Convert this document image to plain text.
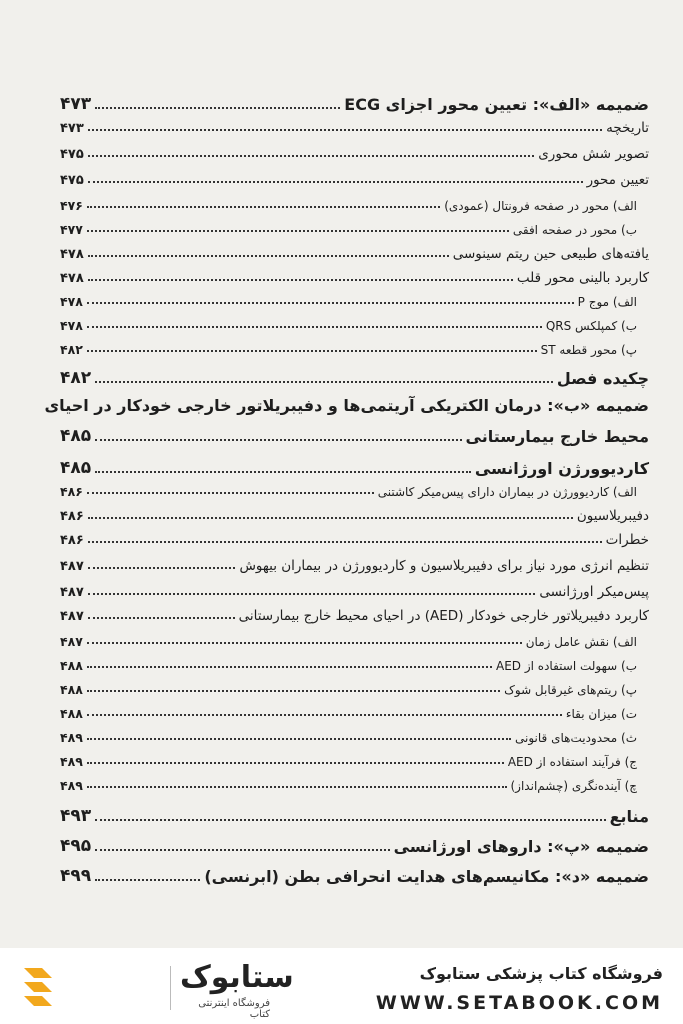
ضمیمه «الف»: تعیین محور اجزای ECG
۴۷۳
تاریخچه
۴۷۳
تصویر شش محوری
۴۷۵
تعیین محور
۴۷۵
الف) محور در صفحه فرونتال (عمودی)
۴۷۶
ب) محور در صفحه افقی
۴۷۷
یافته‌های طبیعی حین ریتم سینوسی
۴۷۸
کاربرد بالینی محور قلب
۴۷۸
الف) موج P
۴۷۸
ب) کمپلکس QRS
۴۷۸
پ) محور قطعه ST
۴۸۲
چکیده فصل
۴۸۲
ضمیمه «ب»: درمان الکتریکی آریتمی‌ها و دفیبریلاتور خارجی خودکار در احیای
محیط خارج بیمارستانی
۴۸۵
کاردیوورژن اورژانسی
۴۸۵
الف) کاردیوورژن در بیماران دارای پیس‌میکر کاشتنی
۴۸۶
دفیبریلاسیون
۴۸۶
خطرات
۴۸۶
تنظیم انرژی مورد نیاز برای دفیبریلاسیون و کاردیوورژن در بیماران بیهوش
۴۸۷
پیس‌میکر اورژانسی
۴۸۷
کاربرد دفیبریلاتور خارجی خودکار (AED) در احیای محیط خارج بیمارستانی
۴۸۷
الف) نقش عامل زمان
۴۸۷
ب) سهولت استفاده از AED
۴۸۸
پ) ریتم‌های غیرقابل شوک
۴۸۸
ت) میزان بقاء
۴۸۸
ث) محدودیت‌های قانونی
۴۸۹
ج) فرآیند استفاده از AED
۴۸۹
چ) آینده‌نگری (چشم‌انداز)
۴۸۹
منابع
۴۹۳
ضمیمه «پ»: داروهای اورژانسی
۴۹۵
ضمیمه «د»: مکانیسم‌های هدایت انحرافی بطن (ابرنسی)
۴۹۹
ستابوک
فروشگاه اینترنتی کتاب
فروشگاه کتاب پزشکی ستابوک
WWW.SETABOOK.COM
